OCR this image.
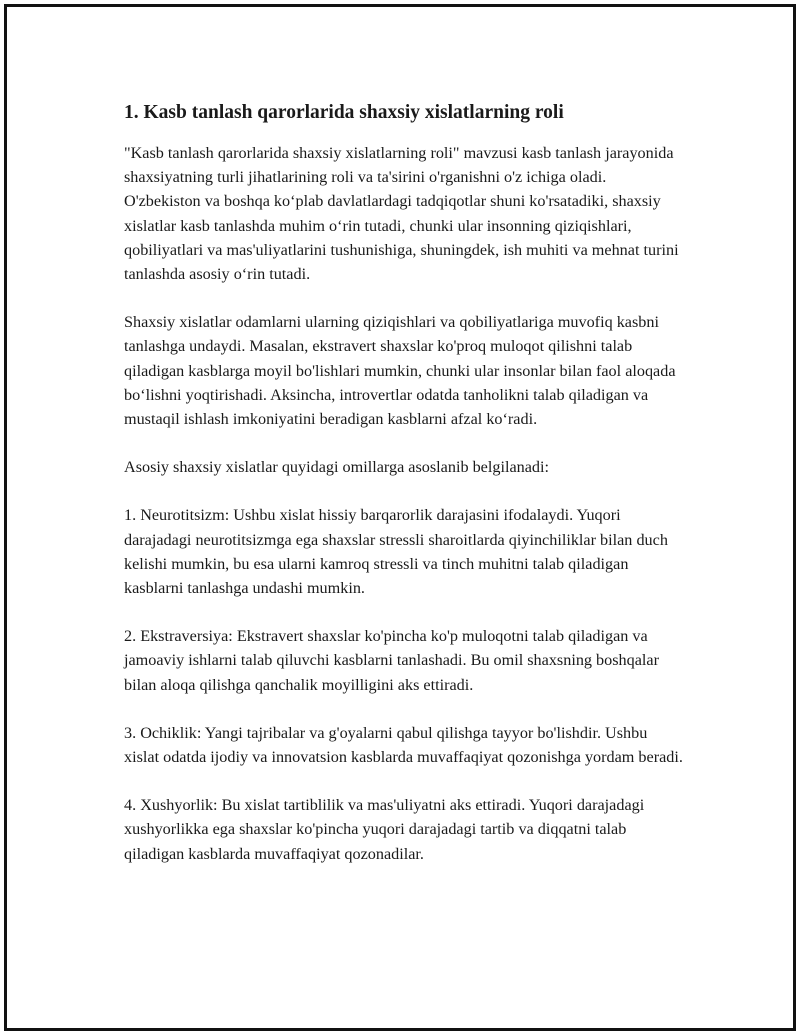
1. Kasb tanlash qarorlarida shaxsiy xislatlarning roli

"Kasb tanlash qarorlarida shaxsiy xislatlarning roli" mavzusi kasb tanlash jarayonida shaxsiyatning turli jihatlarining roli va ta'sirini o'rganishni o'z ichiga oladi. O'zbekiston va boshqa ko‘plab davlatlardagi tadqiqotlar shuni ko'rsatadiki, shaxsiy xislatlar kasb tanlashda muhim o‘rin tutadi, chunki ular insonning qiziqishlari, qobiliyatlari va mas'uliyatlarini tushunishiga, shuningdek, ish muhiti va mehnat turini tanlashda asosiy o‘rin tutadi.

Shaxsiy xislatlar odamlarni ularning qiziqishlari va qobiliyatlariga muvofiq kasbni tanlashga undaydi. Masalan, ekstravert shaxslar ko'proq muloqot qilishni talab qiladigan kasblarga moyil bo'lishlari mumkin, chunki ular insonlar bilan faol aloqada bo‘lishni yoqtirishadi. Aksincha, introvertlar odatda tanholikni talab qiladigan va mustaqil ishlash imkoniyatini beradigan kasblarni afzal ko‘radi.

Asosiy shaxsiy xislatlar quyidagi omillarga asoslanib belgilanadi:

1. Neurotitsizm: Ushbu xislat hissiy barqarorlik darajasini ifodalaydi. Yuqori darajadagi neurotitsizmga ega shaxslar stressli sharoitlarda qiyinchiliklar bilan duch kelishi mumkin, bu esa ularni kamroq stressli va tinch muhitni talab qiladigan kasblarni tanlashga undashi mumkin.

2. Ekstraversiya: Ekstravert shaxslar ko'pincha ko'p muloqotni talab qiladigan va jamoaviy ishlarni talab qiluvchi kasblarni tanlashadi. Bu omil shaxsning boshqalar bilan aloqa qilishga qanchalik moyilligini aks ettiradi.

3. Ochiklik: Yangi tajribalar va g'oyalarni qabul qilishga tayyor bo'lishdir. Ushbu xislat odatda ijodiy va innovatsion kasblarda muvaffaqiyat qozonishga yordam beradi.

4. Xushyorlik: Bu xislat tartiblilik va mas'uliyatni aks ettiradi. Yuqori darajadagi xushyorlikka ega shaxslar ko'pincha yuqori darajadagi tartib va diqqatni talab qiladigan kasblarda muvaffaqiyat qozonadilar.
